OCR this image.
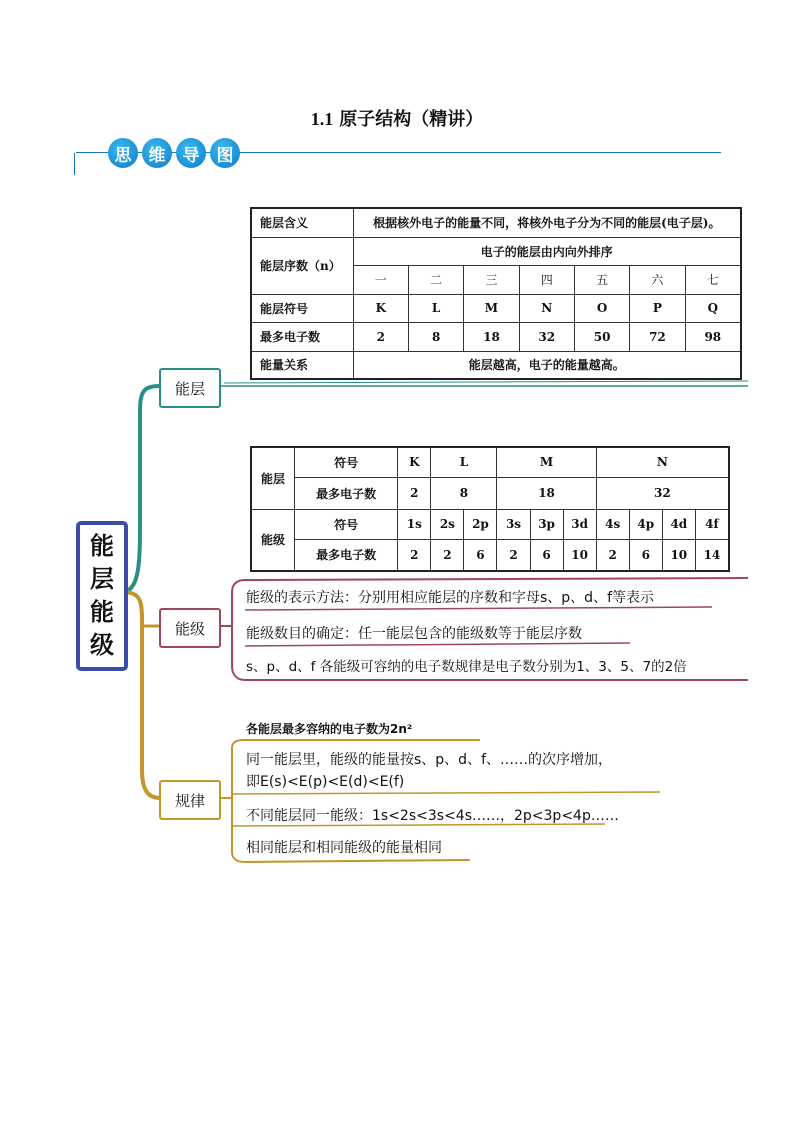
1.1 原子结构（精讲）
思	维	导	图
能
层
能
级
能层
能级
规律
能层含义	根据核外电子的能量不同，将核外电子分为不同的能层(电子层)。						
能层序数（n）	电子的能层由内向外排序						
	一	二	三	四	五	六	七
能层符号	K	L	M	N	O	P	Q
最多电子数	2	8	18	32	50	72	98
能量关系	能层越高，电子的能量越高。						
能层	符号	K	L		M			N			
	最多电子数	2	8		18			32			
能级	符号	1s	2s	2p	3s	3p	3d	4s	4p	4d	4f
	最多电子数	2	2	6	2	6	10	2	6	10	14
能级的表示方法：分别用相应能层的序数和字母s、p、d、f等表示
能级数目的确定：任一能层包含的能级数等于能层序数
s、p、d、f 各能级可容纳的电子数规律是电子数分别为1、3、5、7的2倍
各能层最多容纳的电子数为2n²
同一能层里，能级的能量按s、p、d、f、……的次序增加，
即E(s)<E(p)<E(d)<E(f)
不同能层同一能级：1s<2s<3s<4s……，2p<3p<4p……
相同能层和相同能级的能量相同
